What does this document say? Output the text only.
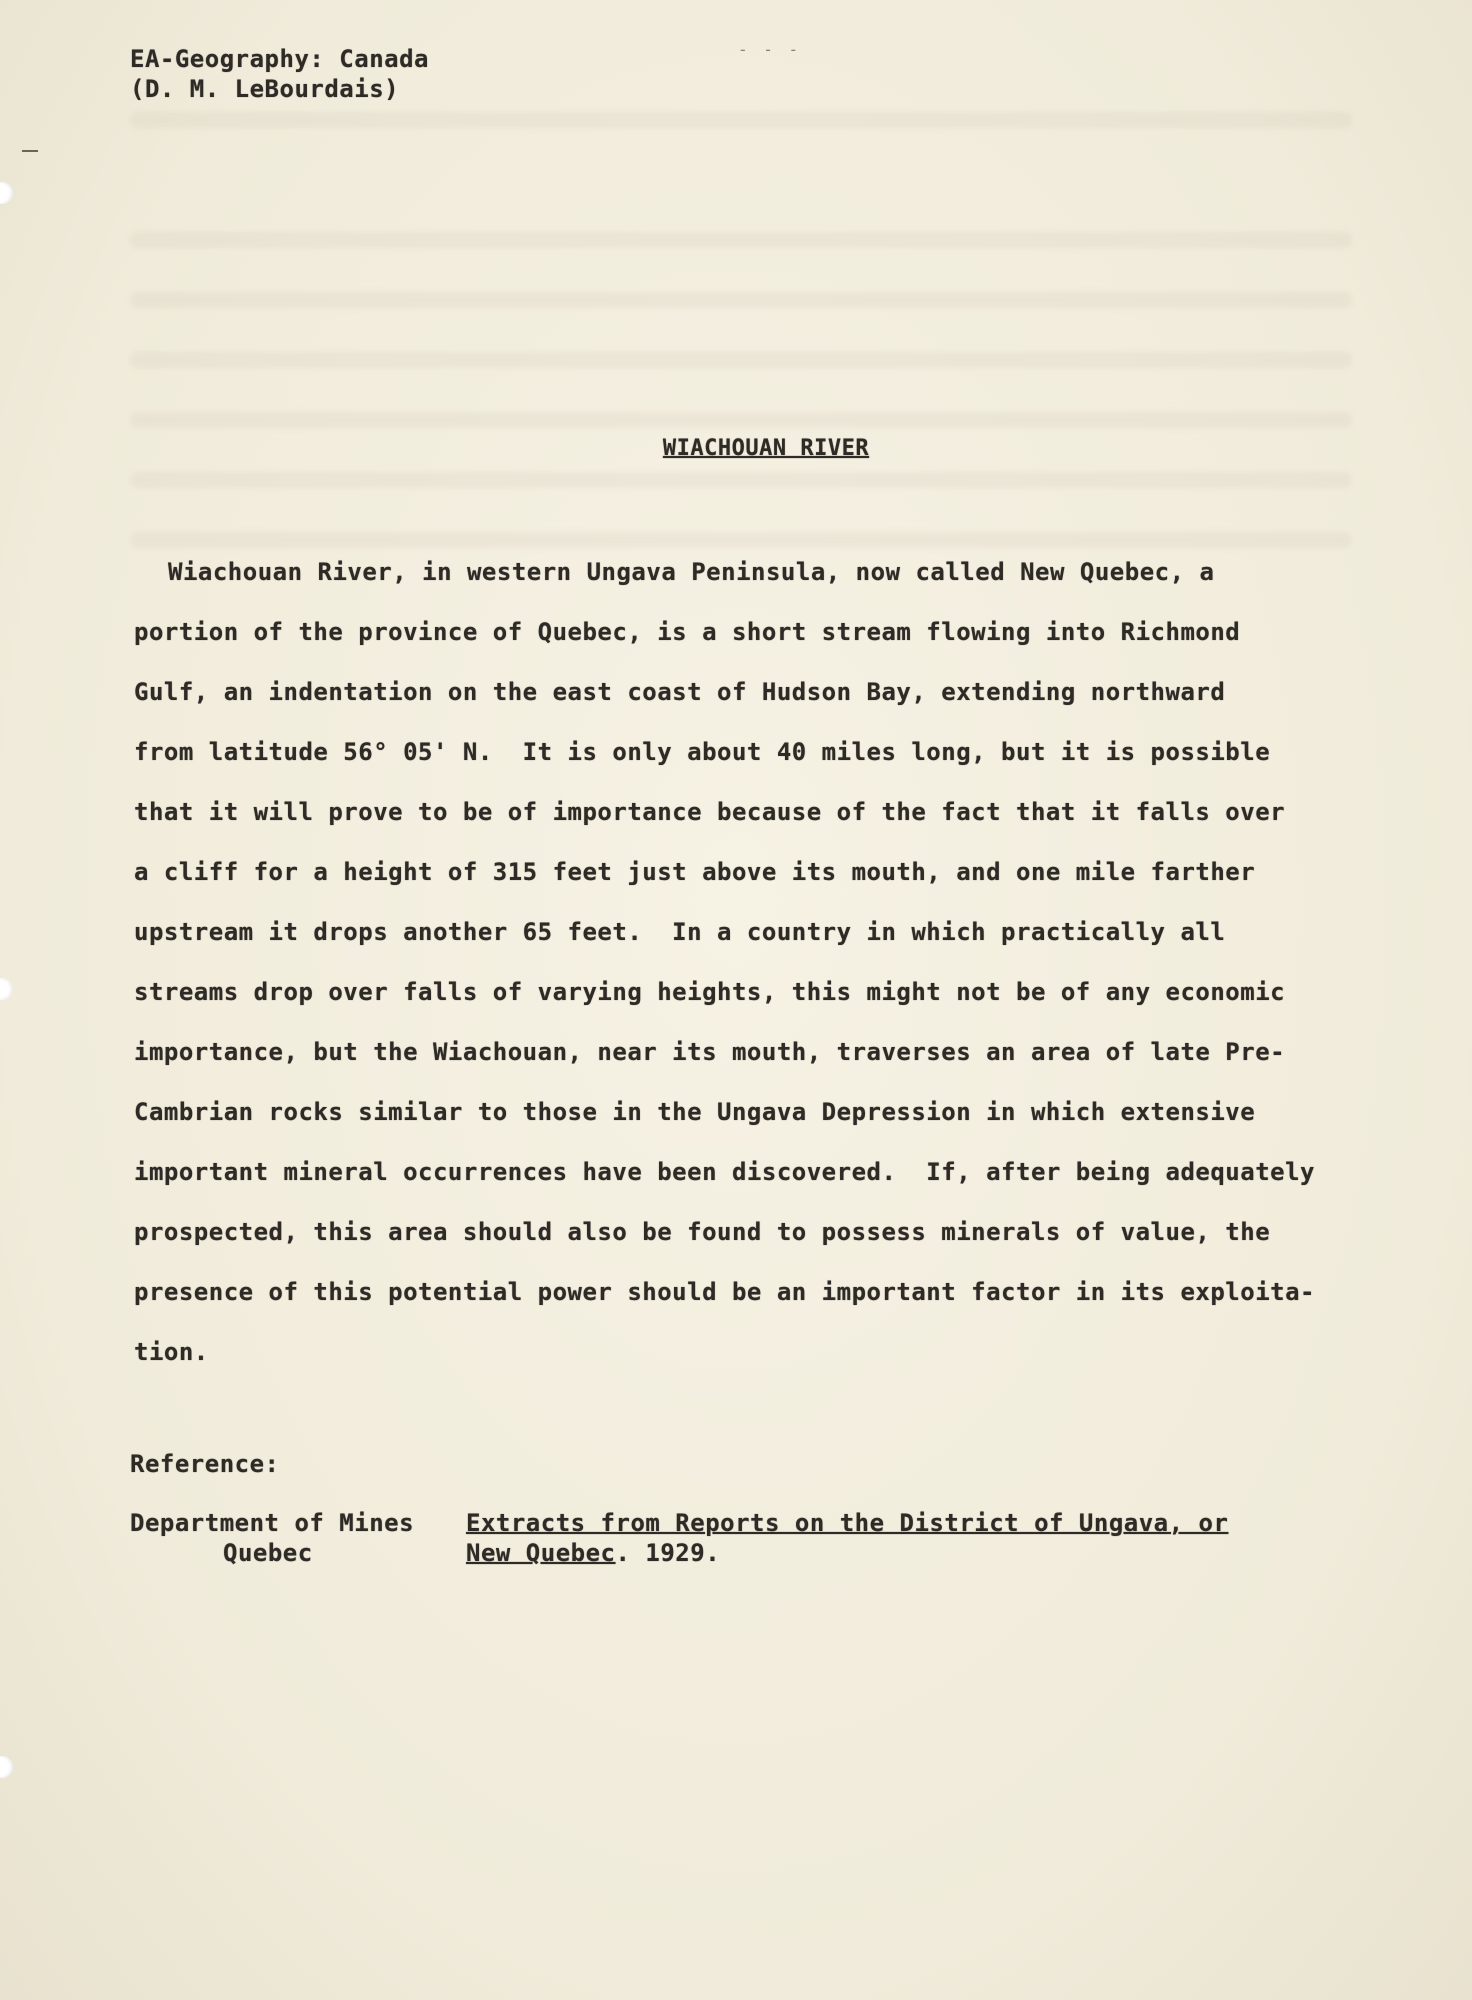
- - -
EA-Geography: Canada
(D. M. LeBourdais)
WIACHOUAN RIVER
Wiachouan River, in western Ungava Peninsula, now called New Quebec, a
portion of the province of Quebec, is a short stream flowing into Richmond
Gulf, an indentation on the east coast of Hudson Bay, extending northward
from latitude 56° 05' N.  It is only about 40 miles long, but it is possible
that it will prove to be of importance because of the fact that it falls over
a cliff for a height of 315 feet just above its mouth, and one mile farther
upstream it drops another 65 feet.  In a country in which practically all
streams drop over falls of varying heights, this might not be of any economic
importance, but the Wiachouan, near its mouth, traverses an area of late Pre-
Cambrian rocks similar to those in the Ungava Depression in which extensive
important mineral occurrences have been discovered.  If, after being adequately
prospected, this area should also be found to possess minerals of value, the
presence of this potential power should be an important factor in its exploita-
tion.
Reference:
Department of Mines
Quebec
Extracts from Reports on the District of Ungava, or
New Quebec. 1929.
